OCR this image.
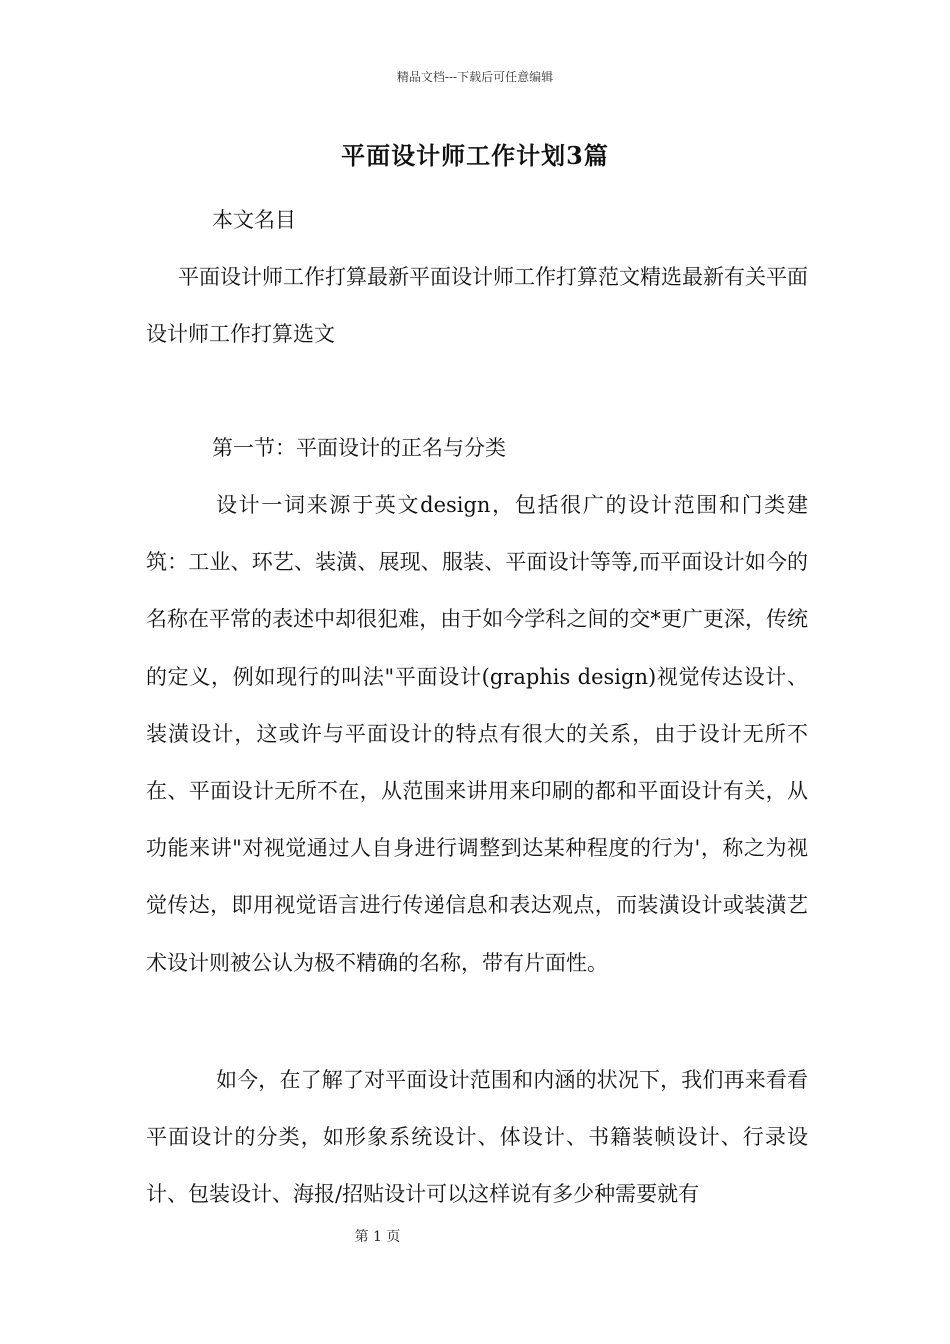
精品文档---下载后可任意编辑
平面设计师工作计划3篇
本文名目
平面设计师工作打算最新平面设计师工作打算范文精选最新有关平面设计师工作打算选文
第一节：平面设计的正名与分类
设计一词来源于英文design，包括很广的设计范围和门类建筑：工业、环艺、装潢、展现、服装、平面设计等等,而平面设计如今的名称在平常的表述中却很犯难，由于如今学科之间的交*更广更深，传统的定义，例如现行的叫法"平面设计(graphis design)视觉传达设计、装潢设计，这或许与平面设计的特点有很大的关系，由于设计无所不在、平面设计无所不在，从范围来讲用来印刷的都和平面设计有关，从功能来讲"对视觉通过人自身进行调整到达某种程度的行为'，称之为视觉传达，即用视觉语言进行传递信息和表达观点，而装潢设计或装潢艺术设计则被公认为极不精确的名称，带有片面性。
如今，在了解了对平面设计范围和内涵的状况下，我们再来看看平面设计的分类，如形象系统设计、体设计、书籍装帧设计、行录设计、包装设计、海报/招贴设计可以这样说有多少种需要就有
第 1 页
